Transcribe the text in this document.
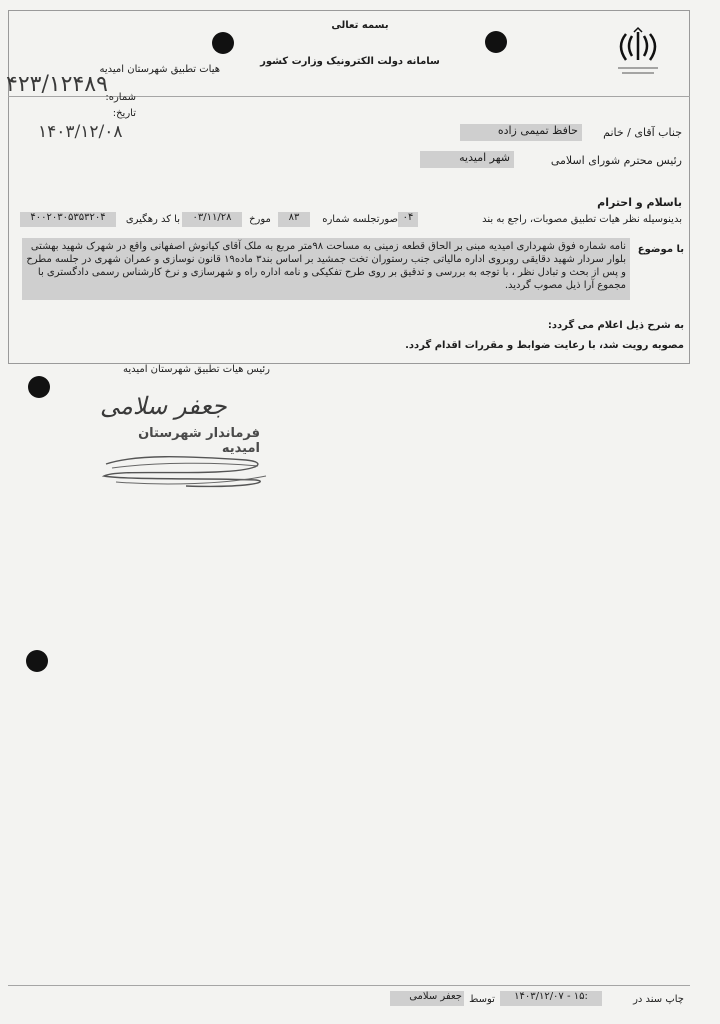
بسمه تعالی
سامانه دولت الکترونیک وزارت کشور
هیات تطبیق شهرستان امیدیه
شماره:
۴۲۳/۱۲۴۸۹
تاریخ:
۱۴۰۳/۱۲/۰۸	جناب آقای / خانم
حافظ تمیمی زاده
رئیس محترم شورای اسلامی
شهر امیدیه
باسلام و احترام
بدینوسیله نظر هیات تطبیق مصوبات، راجع به بند
۰۴
صورتجلسه شماره
۸۳
مورخ
۰۳/۱۱/۲۸
با کد رهگیری
۴۰۰۲۰۳۰۵۳۵۳۲۰۴
با موضوع
نامه شماره فوق شهرداری امیدیه مبنی بر الحاق قطعه زمینی به مساحت ۹۸متر مربع به ملک آقای کیانوش اصفهانی واقع در شهرک شهید بهشتی بلوار سردار شهید دقایقی روبروی اداره مالیاتی جنب رستوران تخت جمشید بر اساس بند۳ ماده۱۹ قانون نوسازی و عمران شهری در جلسه مطرح و پس از بحث و تبادل نظر ، با توجه به بررسی و تدقیق بر روی طرح تفکیکی و نامه اداره راه و شهرسازی و نرخ کارشناس رسمی دادگستری با مجموع آرا ذیل مصوب گردید.
به شرح ذیل اعلام می گردد:
مصوبه رویت شد، با رعایت ضوابط و مقررات اقدام گردد.
رئیس هیات تطبیق شهرستان امیدیه
جعفر سلامی
فرماندار شهرستان امیدیه
چاپ سند در
۱۴۰۳/۱۲/۰۷ - ۱۵:
توسط
جعفر سلامی
